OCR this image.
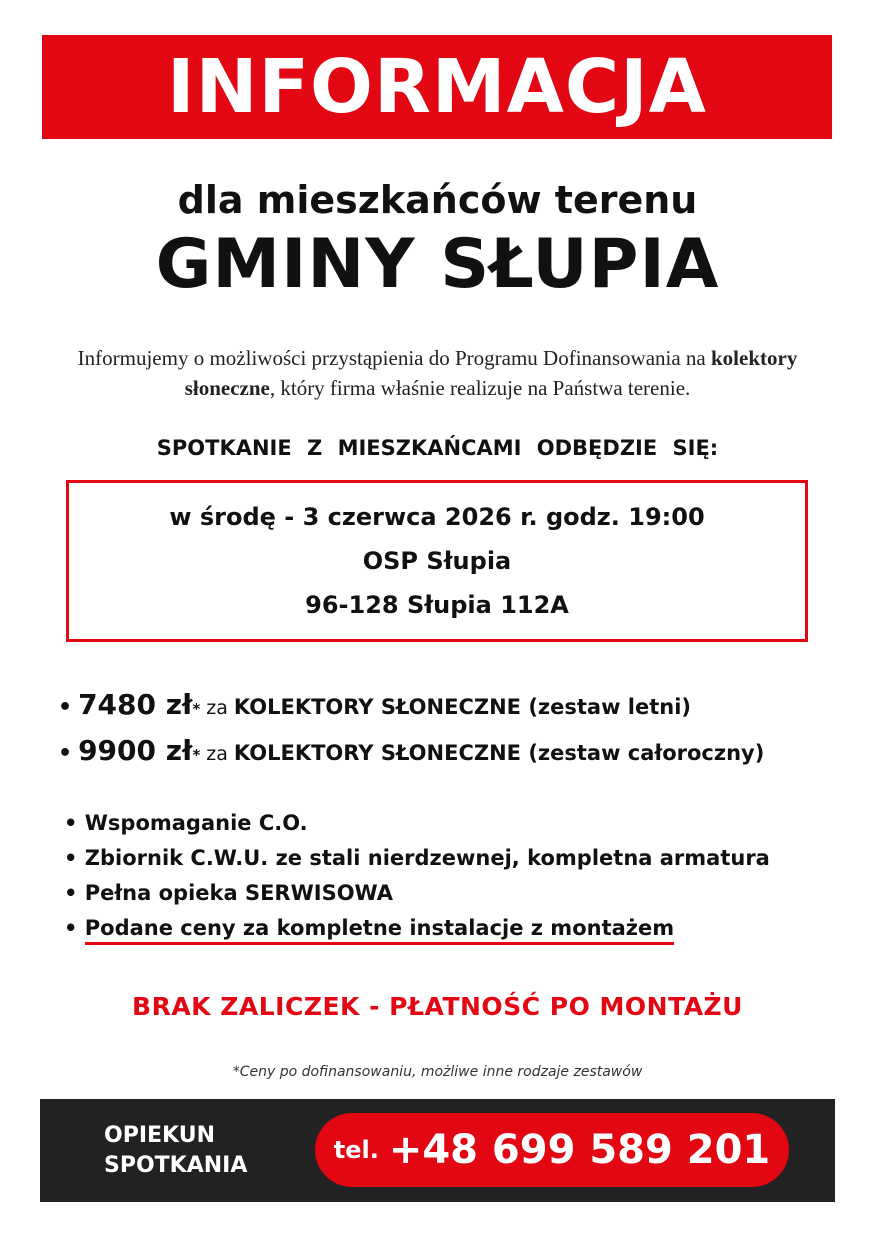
INFORMACJA
dla mieszkańców terenu
GMINY SŁUPIA
Informujemy o możliwości przystąpienia do Programu Dofinansowania na kolektory słoneczne, który firma właśnie realizuje na Państwa terenie.
SPOTKANIE Z MIESZKAŃCAMI ODBĘDZIE SIĘ:
w środę - 3 czerwca 2026 r. godz. 19:00
OSP Słupia
96-128 Słupia 112A
• 7480 zł * za KOLEKTORY SŁONECZNE (zestaw letni)
• 9900 zł * za KOLEKTORY SŁONECZNE (zestaw całoroczny)
• Wspomaganie C.O.
• Zbiornik C.W.U. ze stali nierdzewnej, kompletna armatura
• Pełna opieka SERWISOWA
• Podane ceny za kompletne instalacje z montażem
BRAK ZALICZEK - PŁATNOŚĆ PO MONTAŻU
*Ceny po dofinansowaniu, możliwe inne rodzaje zestawów
OPIEKUN
SPOTKANIA
tel. +48 699 589 201
